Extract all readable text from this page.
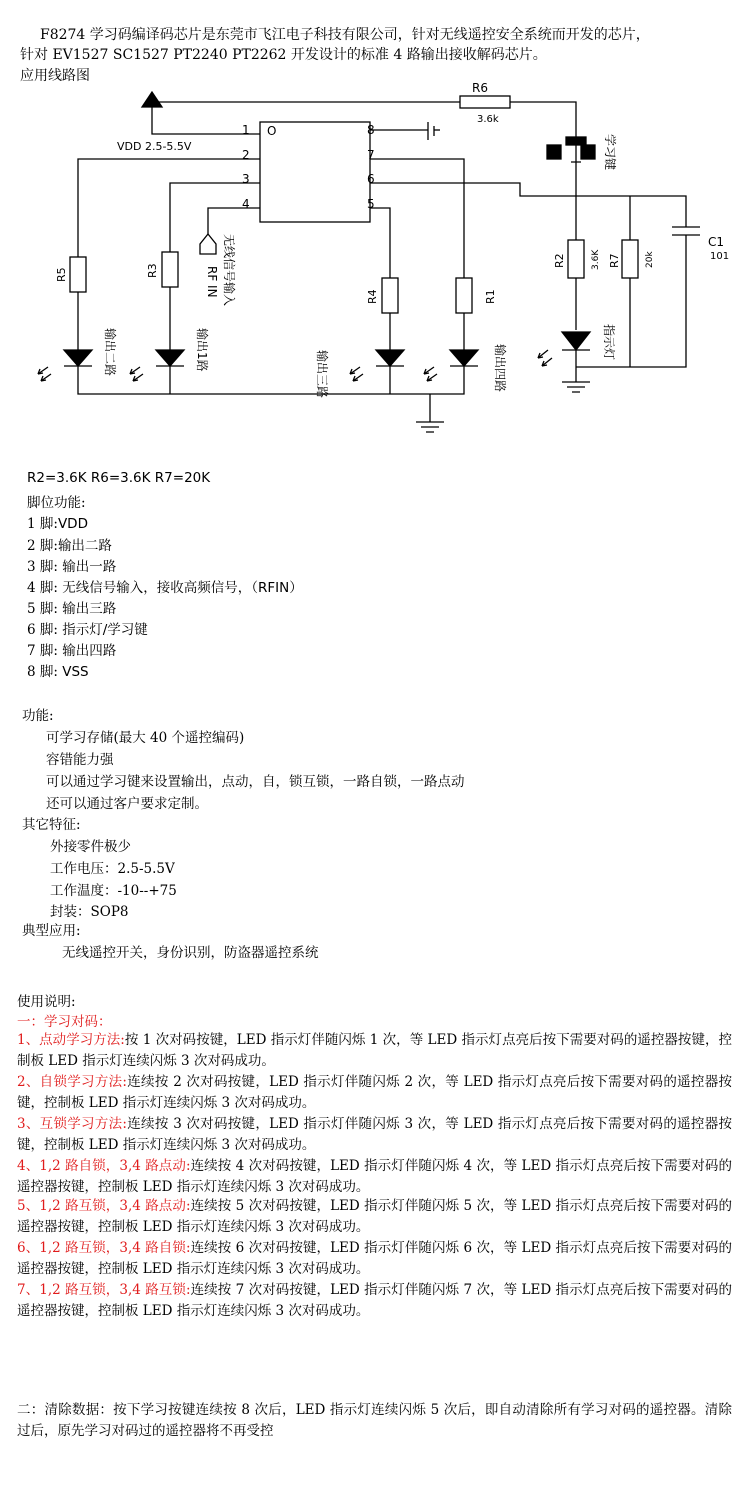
F8274 学习码编译码芯片是东莞市飞江电子科技有限公司，针对无线遥控安全系统而开发的芯片，

针对 EV1527 SC1527 PT2240 PT2262 开发设计的标准 4 路输出接收解码芯片。

应用线路图

O
1
2
3
4	5
6
7
8
VDD 2.5-5.5V
R6
3.6k
学习键
C1
101
R2	3.6K R7	20k
指示灯
R5
输出二路
R3
输出1路
RF IN 无线信号输入	R4
输出三路
R1
输出四路

R2=3.6K R6=3.6K R7=20K

脚位功能:

1 脚:VDD

2 脚:输出二路

3 脚: 输出一路

4 脚: 无线信号输入，接收高频信号，（RFIN）

5 脚: 输出三路

6 脚: 指示灯/学习键

7 脚: 输出四路

8 脚: VSS

功能:

可学习存储(最大 40 个遥控编码)

容错能力强

可以通过学习键来设置输出，点动，自，锁互锁，一路自锁，一路点动

还可以通过客户要求定制。

其它特征:

外接零件极少

工作电压：2.5-5.5V

工作温度：-10--+75

封装：SOP8

典型应用:

无线遥控开关，身份识别，防盗器遥控系统

使用说明:

一：学习对码：

1、点动学习方法:按 1 次对码按键，LED 指示灯伴随闪烁 1 次，等 LED 指示灯点亮后按下需要对码的遥控器按键，控制板 LED 指示灯连续闪烁 3 次对码成功。

2、自锁学习方法:连续按 2 次对码按键，LED 指示灯伴随闪烁 2 次，等 LED 指示灯点亮后按下需要对码的遥控器按键，控制板 LED 指示灯连续闪烁 3 次对码成功。

3、互锁学习方法:连续按 3 次对码按键，LED 指示灯伴随闪烁 3 次，等 LED 指示灯点亮后按下需要对码的遥控器按键，控制板 LED 指示灯连续闪烁 3 次对码成功。

4、1,2 路自锁，3,4 路点动:连续按 4 次对码按键，LED 指示灯伴随闪烁 4 次，等 LED 指示灯点亮后按下需要对码的遥控器按键，控制板 LED 指示灯连续闪烁 3 次对码成功。

5、1,2 路互锁，3,4 路点动:连续按 5 次对码按键，LED 指示灯伴随闪烁 5 次，等 LED 指示灯点亮后按下需要对码的遥控器按键，控制板 LED 指示灯连续闪烁 3 次对码成功。

6、1,2 路互锁，3,4 路自锁:连续按 6 次对码按键，LED 指示灯伴随闪烁 6 次，等 LED 指示灯点亮后按下需要对码的遥控器按键，控制板 LED 指示灯连续闪烁 3 次对码成功。

7、1,2 路互锁，3,4 路互锁:连续按 7 次对码按键，LED 指示灯伴随闪烁 7 次，等 LED 指示灯点亮后按下需要对码的遥控器按键，控制板 LED 指示灯连续闪烁 3 次对码成功。

二：清除数据：按下学习按键连续按 8 次后，LED 指示灯连续闪烁 5 次后，即自动清除所有学习对码的遥控器。清除过后，原先学习对码过的遥控器将不再受控
